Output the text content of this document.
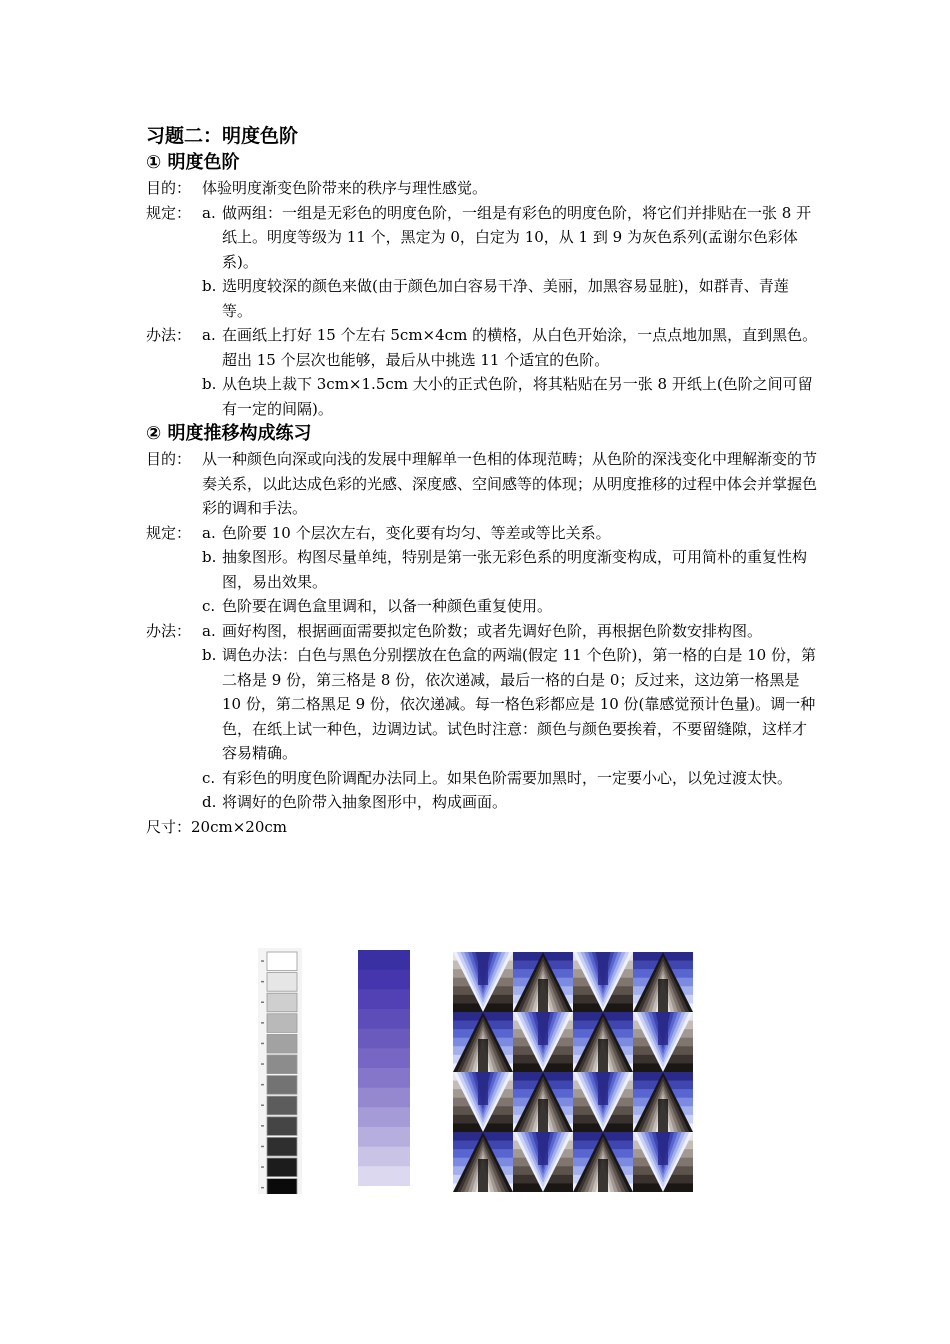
习题二：明度色阶

① 明度色阶

目的： 体验明度渐变色阶带来的秩序与理性感觉。

规定： a. 做两组：一组是无彩色的明度色阶，一组是有彩色的明度色阶，将它们并排贴在一张 8 开纸上。明度等级为 11 个，黑定为 0，白定为 10，从 1 到 9 为灰色系列(孟谢尔色彩体系)。

b. 选明度较深的颜色来做(由于颜色加白容易干净、美丽，加黑容易显脏)，如群青、青莲等。

办法： a. 在画纸上打好 15 个左右 5cm×4cm 的横格，从白色开始涂，一点点地加黑，直到黑色。超出 15 个层次也能够，最后从中挑选 11 个适宜的色阶。

b. 从色块上裁下 3cm×1.5cm 大小的正式色阶，将其粘贴在另一张 8 开纸上(色阶之间可留有一定的间隔)。

② 明度推移构成练习

目的： 从一种颜色向深或向浅的发展中理解单一色相的体现范畴；从色阶的深浅变化中理解渐变的节奏关系，以此达成色彩的光感、深度感、空间感等的体现；从明度推移的过程中体会并掌握色彩的调和手法。

规定： a. 色阶要 10 个层次左右，变化要有均匀、等差或等比关系。

b. 抽象图形。构图尽量单纯，特别是第一张无彩色系的明度渐变构成，可用简朴的重复性构图，易出效果。

c. 色阶要在调色盒里调和，以备一种颜色重复使用。

办法： a. 画好构图，根据画面需要拟定色阶数；或者先调好色阶，再根据色阶数安排构图。

b. 调色办法：白色与黑色分别摆放在色盒的两端(假定 11 个色阶)，第一格的白是 10 份，第二格是 9 份，第三格是 8 份，依次递减，最后一格的白是 0；反过来，这边第一格黑是 10 份，第二格黑足 9 份，依次递减。每一格色彩都应是 10 份(靠感觉预计色量)。调一种色，在纸上试一种色，边调边试。试色时注意：颜色与颜色要挨着，不要留缝隙，这样才容易精确。

c. 有彩色的明度色阶调配办法同上。如果色阶需要加黑时，一定要小心，以免过渡太快。

d. 将调好的色阶带入抽象图形中，构成画面。

尺寸：20cm×20cm
